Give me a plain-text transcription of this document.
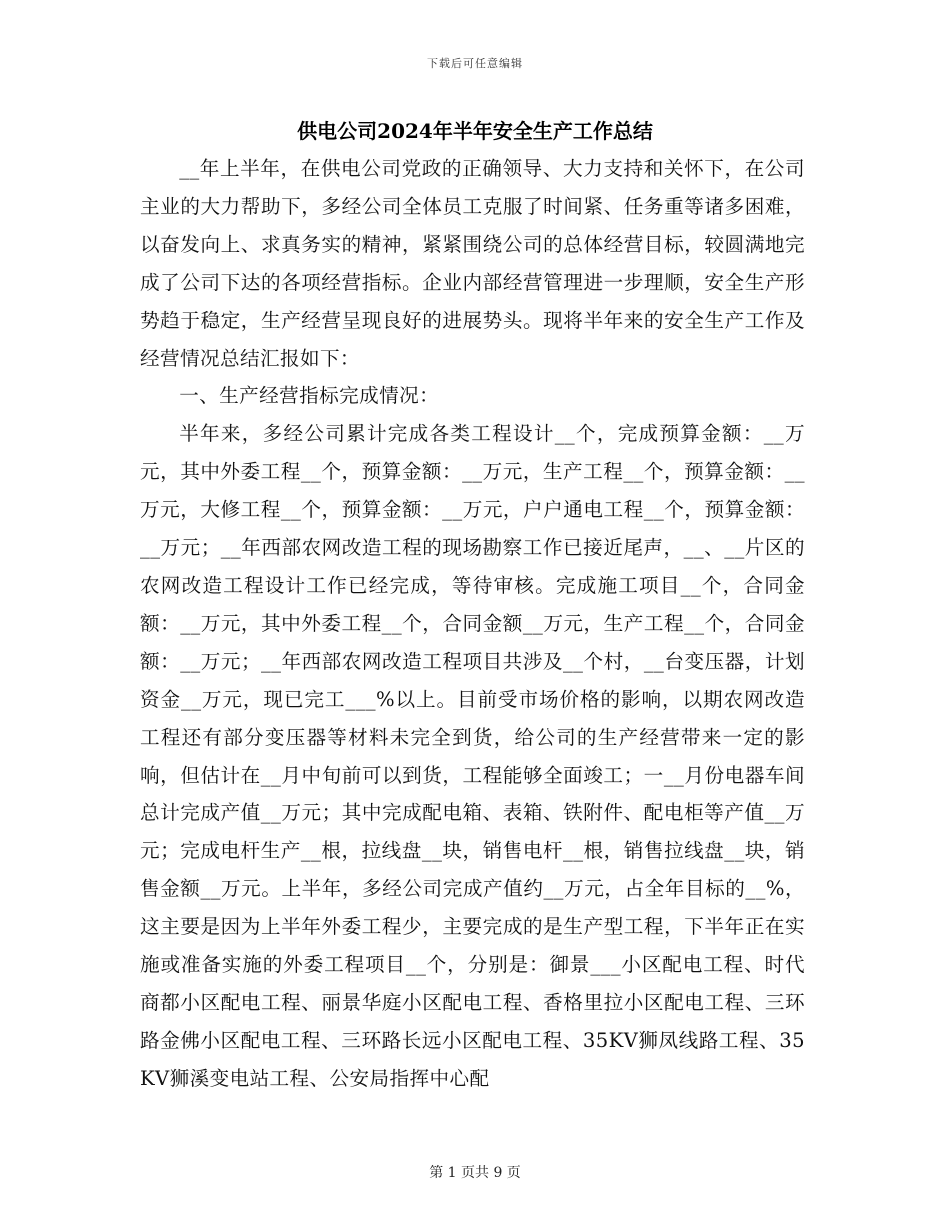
下载后可任意编辑
供电公司2024年半年安全生产工作总结

__年上半年，在供电公司党政的正确领导、大力支持和关怀下，在公司主业的大力帮助下，多经公司全体员工克服了时间紧、任务重等诸多困难，以奋发向上、求真务实的精神，紧紧围绕公司的总体经营目标，较圆满地完成了公司下达的各项经营指标。企业内部经营管理进一步理顺，安全生产形势趋于稳定，生产经营呈现良好的进展势头。现将半年来的安全生产工作及经营情况总结汇报如下：

一、生产经营指标完成情况：

半年来，多经公司累计完成各类工程设计__个，完成预算金额：__万元，其中外委工程__个，预算金额：__万元，生产工程__个，预算金额：__万元，大修工程__个，预算金额：__万元，户户通电工程__个，预算金额：__万元；__年西部农网改造工程的现场勘察工作已接近尾声，__、__片区的农网改造工程设计工作已经完成，等待审核。完成施工项目__个，合同金额：__万元，其中外委工程__个，合同金额__万元，生产工程__个，合同金额：__万元；__年西部农网改造工程项目共涉及__个村，__台变压器，计划资金__万元，现已完工___%以上。目前受市场价格的影响，以期农网改造工程还有部分变压器等材料未完全到货，给公司的生产经营带来一定的影响，但估计在__月中旬前可以到货，工程能够全面竣工；一__月份电器车间总计完成产值__万元；其中完成配电箱、表箱、铁附件、配电柜等产值__万元；完成电杆生产__根，拉线盘__块，销售电杆__根，销售拉线盘__块，销售金额__万元。上半年，多经公司完成产值约__万元，占全年目标的__%，这主要是因为上半年外委工程少，主要完成的是生产型工程，下半年正在实施或准备实施的外委工程项目__个，分别是：御景___小区配电工程、时代商都小区配电工程、丽景华庭小区配电工程、香格里拉小区配电工程、三环路金佛小区配电工程、三环路长远小区配电工程、35KV狮凤线路工程、35KV狮溪变电站工程、公安局指挥中心配

第 1 页共 9 页
